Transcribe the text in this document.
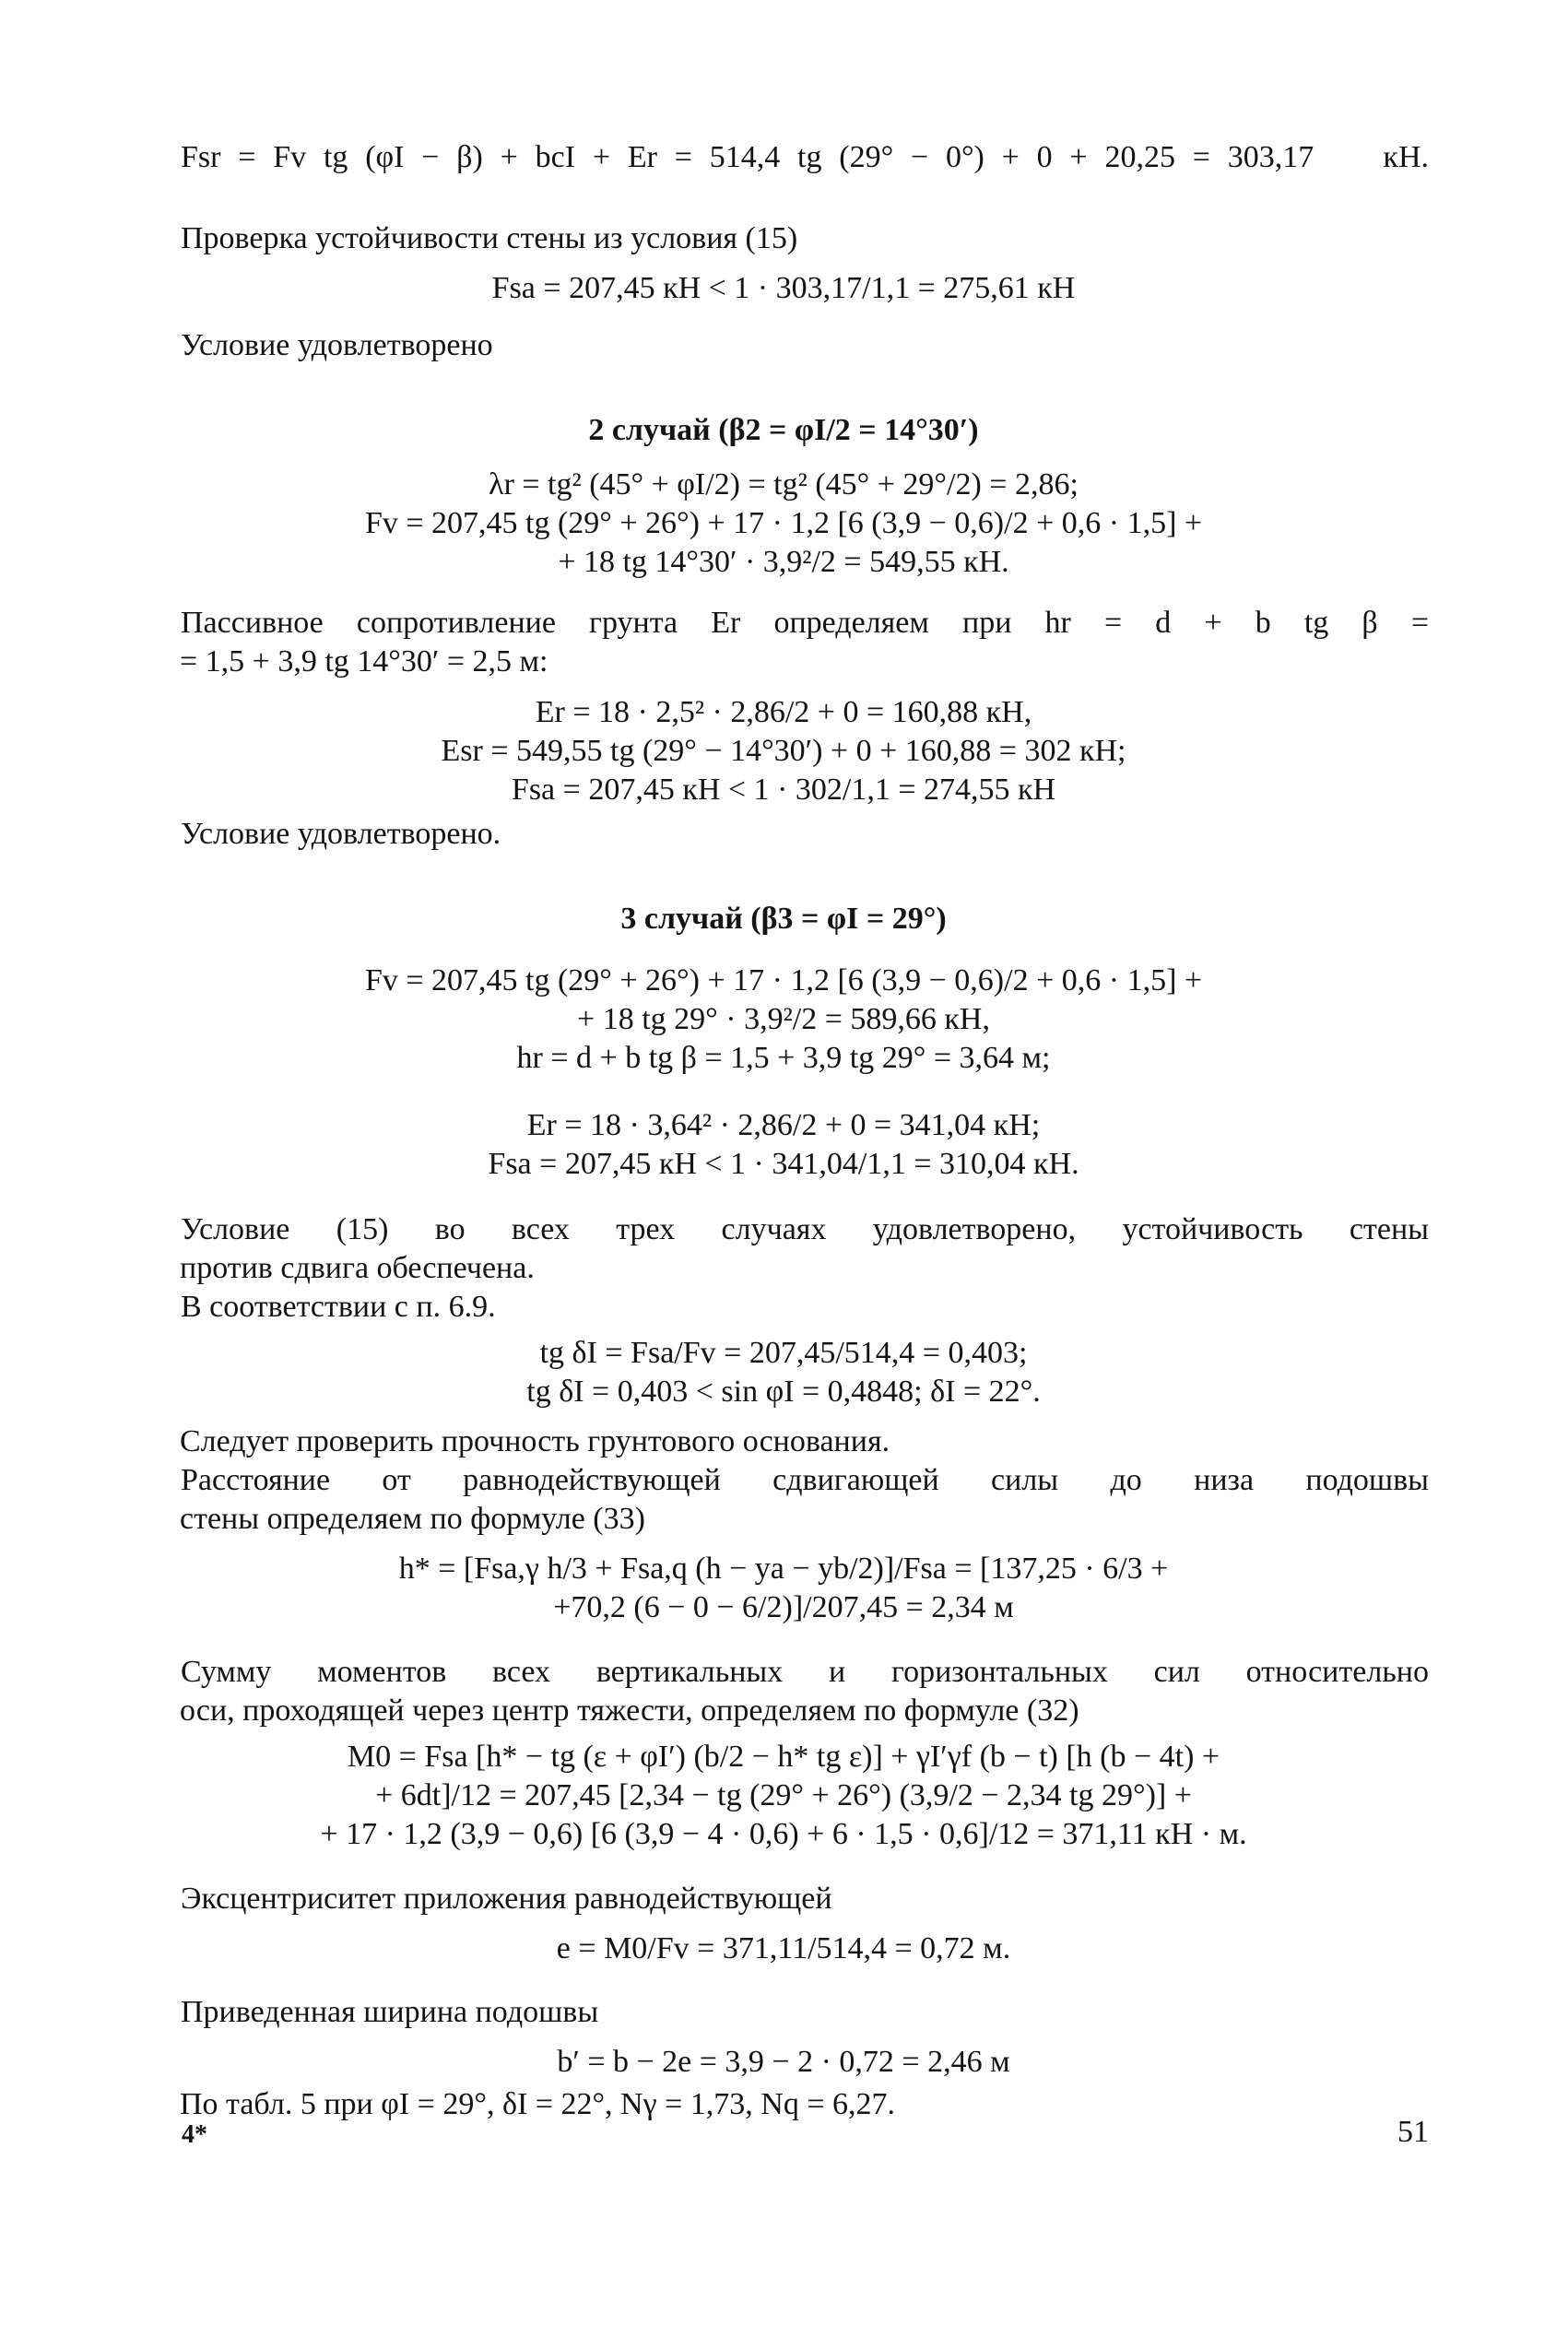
Fsr = Fv tg (φI − β) + bcI + Er = 514,4 tg (29° − 0°) + 0 + 20,25 = 303,17    кН.
Проверка устойчивости стены из условия (15)
Fsa = 207,45 кН < 1 · 303,17/1,1 = 275,61 кН
Условие удовлетворено
2 случай (β2 = φI/2 = 14°30′)
λr = tg² (45° + φI/2) = tg² (45° + 29°/2) = 2,86;
Fv = 207,45 tg (29° + 26°) + 17 · 1,2 [6 (3,9 − 0,6)/2 + 0,6 · 1,5] +
+ 18 tg 14°30′ · 3,9²/2 = 549,55 кН.
Пассивное сопротивление грунта Er определяем при hr = d + b tg β =
= 1,5 + 3,9 tg 14°30′ = 2,5 м:
Er = 18 · 2,5² · 2,86/2 + 0 = 160,88 кН,
Esr = 549,55 tg (29° − 14°30′) + 0 + 160,88 = 302 кН;
Fsa = 207,45 кН < 1 · 302/1,1 = 274,55 кН
Условие удовлетворено.
3 случай (β3 = φI = 29°)
Fv = 207,45 tg (29° + 26°) + 17 · 1,2 [6 (3,9 − 0,6)/2 + 0,6 · 1,5] +
+ 18 tg 29° · 3,9²/2 = 589,66 кН,
hr = d + b tg β = 1,5 + 3,9 tg 29° = 3,64 м;
Er = 18 · 3,64² · 2,86/2 + 0 = 341,04 кН;
Fsa = 207,45 кН < 1 · 341,04/1,1 = 310,04 кН.
Условие (15) во всех трех случаях удовлетворено, устойчивость стены
против сдвига обеспечена.
В соответствии с п. 6.9.
tg δI = Fsa/Fv = 207,45/514,4 = 0,403;
tg δI = 0,403 < sin φI = 0,4848; δI = 22°.
Следует проверить прочность грунтового основания.
Расстояние от равнодействующей сдвигающей силы до низа подошвы
стены определяем по формуле (33)
h* = [Fsa,γ h/3 + Fsa,q (h − ya − yb/2)]/Fsa = [137,25 · 6/3 +
+70,2 (6 − 0 − 6/2)]/207,45 = 2,34 м
Сумму моментов всех вертикальных и горизонтальных сил относительно
оси, проходящей через центр тяжести, определяем по формуле (32)
M0 = Fsa [h* − tg (ε + φI′) (b/2 − h* tg ε)] + γI′γf (b − t) [h (b − 4t) +
+ 6dt]/12 = 207,45 [2,34 − tg (29° + 26°) (3,9/2 − 2,34 tg 29°)] +
+ 17 · 1,2 (3,9 − 0,6) [6 (3,9 − 4 · 0,6) + 6 · 1,5 · 0,6]/12 = 371,11 кН · м.
Эксцентриситет приложения равнодействующей
e = M0/Fv = 371,11/514,4 = 0,72 м.
Приведенная ширина подошвы
b′ = b − 2e = 3,9 − 2 · 0,72 = 2,46 м
По табл. 5 при φI = 29°, δI = 22°, Nγ = 1,73, Nq = 6,27.
4*	51
